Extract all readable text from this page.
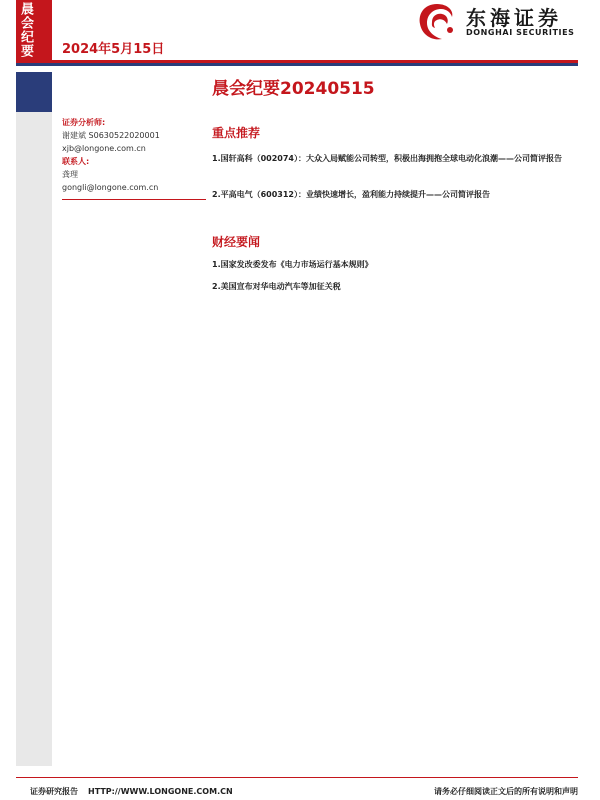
晨会纪要	2024年5月15日
东海证券
DONGHAI SECURITIES
晨会纪要20240515
证券分析师:
谢建斌 S0630522020001
xjb@longone.com.cn
联系人:
龚理
gongli@longone.com.cn
重点推荐
1.国轩高科（002074）：大众入局赋能公司转型，积极出海拥抱全球电动化浪潮——公司简评报告
2.平高电气（600312）：业绩快速增长，盈利能力持续提升——公司简评报告
财经要闻
1.国家发改委发布《电力市场运行基本规则》
2.美国宣布对华电动汽车等加征关税
证券研究报告 HTTP://WWW.LONGONE.COM.CN	请务必仔细阅读正文后的所有说明和声明
